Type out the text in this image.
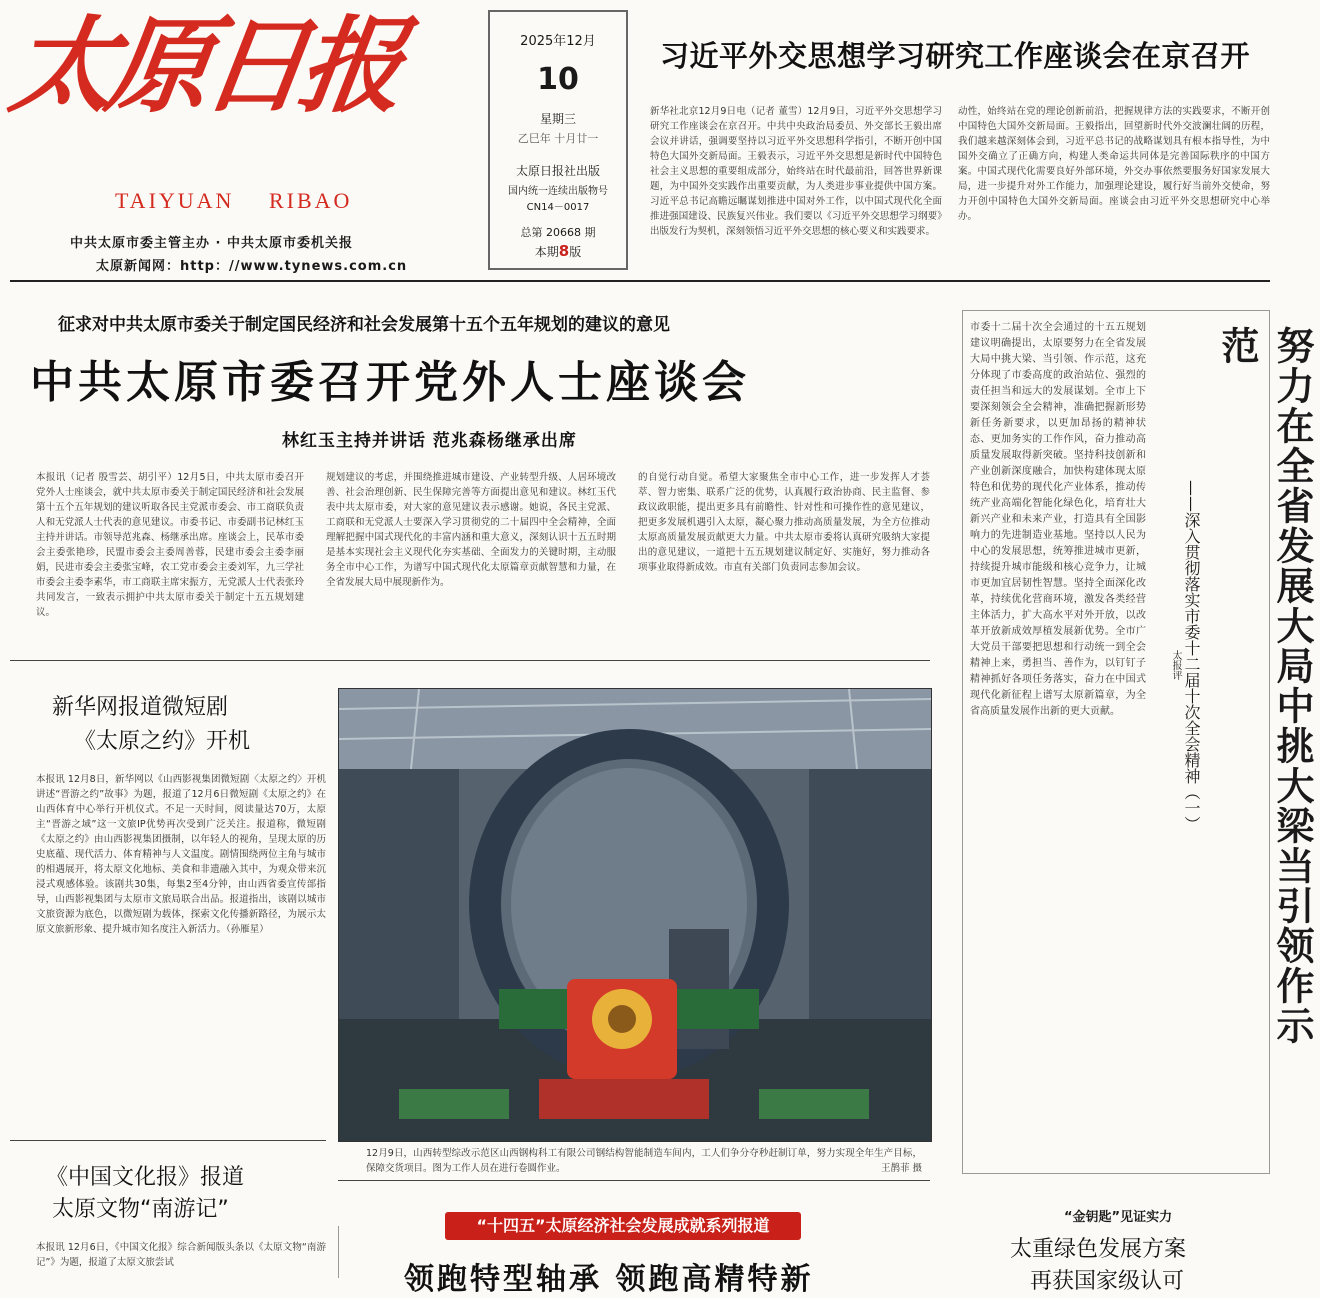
太原日报
TAIYUAN RIBAO
中共太原市委主管主办 · 中共太原市委机关报
太原新闻网：http：//www.tynews.com.cn
2025年12月
10
星期三
乙巳年 十月廿一
太原日报社出版
国内统一连续出版物号
CN14－0017
总第 20668 期
本期8版
习近平外交思想学习研究工作座谈会在京召开
新华社北京12月9日电（记者 董雪）12月9日，习近平外交思想学习研究工作座谈会在京召开。中共中央政治局委员、外交部长王毅出席会议并讲话，强调要坚持以习近平外交思想科学指引，不断开创中国特色大国外交新局面。王毅表示，习近平外交思想是新时代中国特色社会主义思想的重要组成部分，始终站在时代最前沿，回答世界新课题，为中国外交实践作出重要贡献，为人类进步事业提供中国方案。习近平总书记高瞻远瞩谋划推进中国对外工作，以中国式现代化全面推进强国建设、民族复兴伟业。我们要以《习近平外交思想学习纲要》出版发行为契机，深刻领悟习近平外交思想的核心要义和实践要求。
动性，始终站在党的理论创新前沿，把握规律方法的实践要求，不断开创中国特色大国外交新局面。王毅指出，回望新时代外交波澜壮阔的历程，我们越来越深刻体会到，习近平总书记的战略谋划具有根本指导性，为中国外交确立了正确方向，构建人类命运共同体是完善国际秩序的中国方案。中国式现代化需要良好外部环境，外交办事依然要服务好国家发展大局，进一步提升对外工作能力，加强理论建设，履行好当前外交使命，努力开创中国特色大国外交新局面。座谈会由习近平外交思想研究中心举办。
征求对中共太原市委关于制定国民经济和社会发展第十五个五年规划的建议的意见
中共太原市委召开党外人士座谈会
林红玉主持并讲话 范兆森杨继承出席
本报讯（记者 殷雪芸、胡引平）12月5日，中共太原市委召开党外人士座谈会，就中共太原市委关于制定国民经济和社会发展第十五个五年规划的建议听取各民主党派市委会、市工商联负责人和无党派人士代表的意见建议。市委书记、市委副书记林红玉主持并讲话。市领导范兆森、杨继承出席。座谈会上，民革市委会主委张艳珍，民盟市委会主委周善蓉，民建市委会主委李丽娟，民进市委会主委张宝峰，农工党市委会主委刘军，九三学社市委会主委李素华，市工商联主席宋振方，无党派人士代表张玲共同发言，一致表示拥护中共太原市委关于制定十五五规划建议。
规划建议的考虑，并围绕推进城市建设、产业转型升级、人居环境改善、社会治理创新、民生保障完善等方面提出意见和建议。林红玉代表中共太原市委，对大家的意见建议表示感谢。她说，各民主党派、工商联和无党派人士要深入学习贯彻党的二十届四中全会精神，全面理解把握中国式现代化的丰富内涵和重大意义，深刻认识十五五时期是基本实现社会主义现代化夯实基础、全面发力的关键时期，主动服务全市中心工作，为谱写中国式现代化太原篇章贡献智慧和力量，在全省发展大局中展现新作为。
的自觉行动自觉。希望大家聚焦全市中心工作，进一步发挥人才荟萃、智力密集、联系广泛的优势，认真履行政治协商、民主监督、参政议政职能，提出更多具有前瞻性、针对性和可操作性的意见建议，把更多发展机遇引入太原，凝心聚力推动高质量发展，为全方位推动太原高质量发展贡献更大力量。中共太原市委将认真研究吸纳大家提出的意见建议，一道把十五五规划建议制定好、实施好，努力推动各项事业取得新成效。市直有关部门负责同志参加会议。	努力在全省发展大局中挑大梁当引领作示范
——深入贯彻落实市委十二届十次全会精神（一）
太报评
市委十二届十次全会通过的十五五规划建议明确提出，太原要努力在全省发展大局中挑大梁、当引领、作示范，这充分体现了市委高度的政治站位、强烈的责任担当和远大的发展谋划。全市上下要深刻领会全会精神，准确把握新形势新任务新要求，以更加昂扬的精神状态、更加务实的工作作风，奋力推动高质量发展取得新突破。坚持科技创新和产业创新深度融合，加快构建体现太原特色和优势的现代化产业体系，推动传统产业高端化智能化绿色化，培育壮大新兴产业和未来产业，打造具有全国影响力的先进制造业基地。坚持以人民为中心的发展思想，统筹推进城市更新，持续提升城市能级和核心竞争力，让城市更加宜居韧性智慧。坚持全面深化改革，持续优化营商环境，激发各类经营主体活力，扩大高水平对外开放，以改革开放新成效厚植发展新优势。全市广大党员干部要把思想和行动统一到全会精神上来，勇担当、善作为，以钉钉子精神抓好各项任务落实，奋力在中国式现代化新征程上谱写太原新篇章，为全省高质量发展作出新的更大贡献。
新华网报道微短剧
《太原之约》开机
本报讯 12月8日，新华网以《山西影视集团微短剧〈太原之约〉开机 讲述“晋游之约”故事》为题，报道了12月6日微短剧《太原之约》在山西体育中心举行开机仪式。不足一天时间，阅读量达70万，太原主“晋游之域”这一文旅IP优势再次受到广泛关注。报道称，微短剧《太原之约》由山西影视集团摄制，以年轻人的视角，呈现太原的历史底蕴、现代活力、体育精神与人文温度。剧情围绕两位主角与城市的相遇展开，将太原文化地标、美食和非遗融入其中，为观众带来沉浸式观感体验。该剧共30集，每集2至4分钟，由山西省委宣传部指导，山西影视集团与太原市文旅局联合出品。报道指出，该剧以城市文旅资源为底色，以微短剧为载体，探索文化传播新路径，为展示太原文旅新形象、提升城市知名度注入新活力。（孙雁星）
12月9日，山西转型综改示范区山西钢构科工有限公司钢结构智能制造车间内，工人们争分夺秒赶制订单，努力实现全年生产目标，保障交货项目。图为工作人员在进行卷圆作业。	王鹊菲 摄
《中国文化报》报道
太原文物“南游记”
本报讯 12月6日，《中国文化报》综合新闻版头条以《太原文物“南游记”》为题，报道了太原文旅尝试
“十四五”太原经济社会发展成就系列报道
领跑特型轴承 领跑高精特新
“金钥匙”见证实力
太重绿色发展方案
再获国家级认可
